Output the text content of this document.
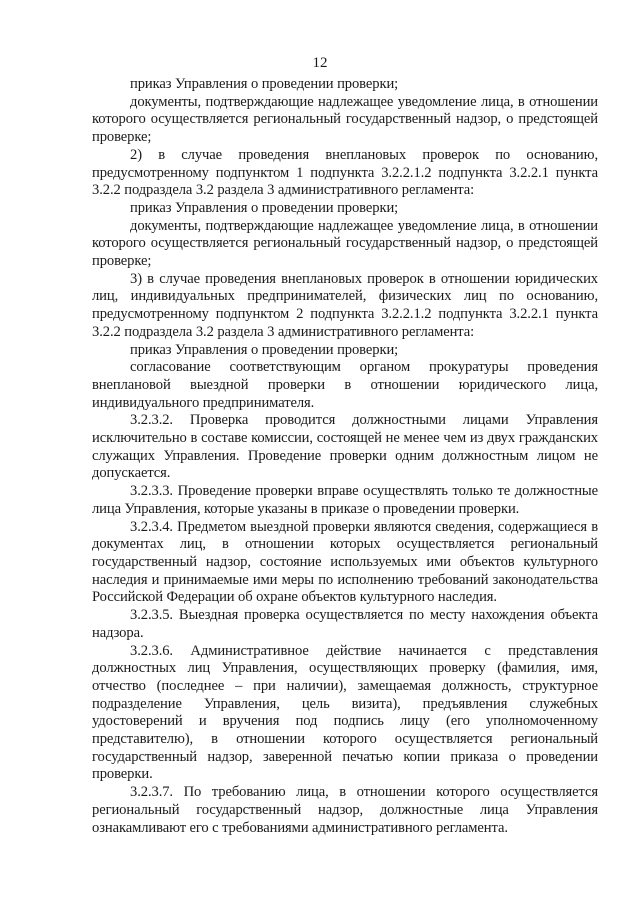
12

приказ Управления о проведении проверки;

документы, подтверждающие надлежащее уведомление лица, в отношении которого осуществляется региональный государственный надзор, о предстоящей проверке;

2) в случае проведения внеплановых проверок по основанию, предусмотренному подпунктом 1 подпункта 3.2.2.1.2 подпункта 3.2.2.1 пункта 3.2.2 подраздела 3.2 раздела 3 административного регламента:

приказ Управления о проведении проверки;

документы, подтверждающие надлежащее уведомление лица, в отношении которого осуществляется региональный государственный надзор, о предстоящей проверке;

3) в случае проведения внеплановых проверок в отношении юридических лиц, индивидуальных предпринимателей, физических лиц по основанию, предусмотренному подпунктом 2 подпункта 3.2.2.1.2 подпункта 3.2.2.1 пункта 3.2.2 подраздела 3.2 раздела 3 административного регламента:

приказ Управления о проведении проверки;

согласование соответствующим органом прокуратуры проведения внеплановой выездной проверки в отношении юридического лица, индивидуального предпринимателя.

3.2.3.2. Проверка проводится должностными лицами Управления исключительно в составе комиссии, состоящей не менее чем из двух гражданских служащих Управления. Проведение проверки одним должностным лицом не допускается.

3.2.3.3. Проведение проверки вправе осуществлять только те должностные лица Управления, которые указаны в приказе о проведении проверки.

3.2.3.4. Предметом выездной проверки являются сведения, содержащиеся в документах лиц, в отношении которых осуществляется региональный государственный надзор, состояние используемых ими объектов культурного наследия и принимаемые ими меры по исполнению требований законодательства Российской Федерации об охране объектов культурного наследия.

3.2.3.5. Выездная проверка осуществляется по месту нахождения объекта надзора.

3.2.3.6. Административное действие начинается с представления должностных лиц Управления, осуществляющих проверку (фамилия, имя, отчество (последнее – при наличии), замещаемая должность, структурное подразделение Управления, цель визита), предъявления служебных удостоверений и вручения под подпись лицу (его уполномоченному представителю), в отношении которого осуществляется региональный государственный надзор, заверенной печатью копии приказа о проведении проверки.

3.2.3.7. По требованию лица, в отношении которого осуществляется региональный государственный надзор, должностные лица Управления ознакамливают его с требованиями административного регламента.
